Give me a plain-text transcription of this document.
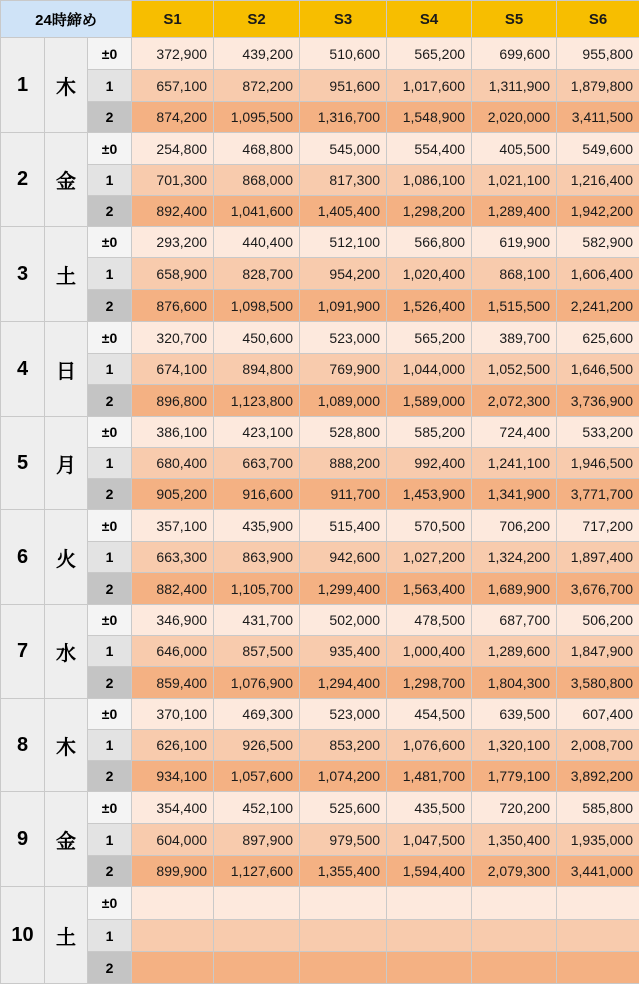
24時締め			S1	S2	S3	S4	S5	S6
1	木	±0	372,900	439,200	510,600	565,200	699,600	955,800
		1	657,100	872,200	951,600	1,017,600	1,311,900	1,879,800
		2	874,200	1,095,500	1,316,700	1,548,900	2,020,000	3,411,500
2	金	±0	254,800	468,800	545,000	554,400	405,500	549,600
		1	701,300	868,000	817,300	1,086,100	1,021,100	1,216,400
		2	892,400	1,041,600	1,405,400	1,298,200	1,289,400	1,942,200
3	土	±0	293,200	440,400	512,100	566,800	619,900	582,900
		1	658,900	828,700	954,200	1,020,400	868,100	1,606,400
		2	876,600	1,098,500	1,091,900	1,526,400	1,515,500	2,241,200
4	日	±0	320,700	450,600	523,000	565,200	389,700	625,600
		1	674,100	894,800	769,900	1,044,000	1,052,500	1,646,500
		2	896,800	1,123,800	1,089,000	1,589,000	2,072,300	3,736,900
5	月	±0	386,100	423,100	528,800	585,200	724,400	533,200
		1	680,400	663,700	888,200	992,400	1,241,100	1,946,500
		2	905,200	916,600	911,700	1,453,900	1,341,900	3,771,700
6	火	±0	357,100	435,900	515,400	570,500	706,200	717,200
		1	663,300	863,900	942,600	1,027,200	1,324,200	1,897,400
		2	882,400	1,105,700	1,299,400	1,563,400	1,689,900	3,676,700
7	水	±0	346,900	431,700	502,000	478,500	687,700	506,200
		1	646,000	857,500	935,400	1,000,400	1,289,600	1,847,900
		2	859,400	1,076,900	1,294,400	1,298,700	1,804,300	3,580,800
8	木	±0	370,100	469,300	523,000	454,500	639,500	607,400
		1	626,100	926,500	853,200	1,076,600	1,320,100	2,008,700
		2	934,100	1,057,600	1,074,200	1,481,700	1,779,100	3,892,200
9	金	±0	354,400	452,100	525,600	435,500	720,200	585,800
		1	604,000	897,900	979,500	1,047,500	1,350,400	1,935,000
		2	899,900	1,127,600	1,355,400	1,594,400	2,079,300	3,441,000
10	土	±0						
		1						
		2						
